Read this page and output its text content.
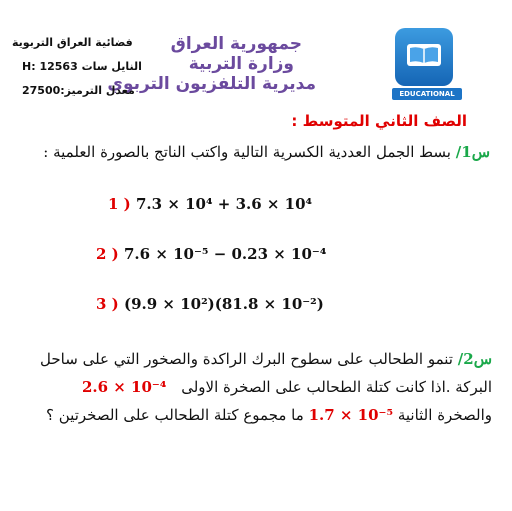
جمهورية العراق
وزارة التربية
مديرية التلفزيون التربوي
فضائية العراق التربوية
النايل سات 12563 :H
معدل الترميز:27500	EDUCATIONAL
الصف الثاني المتوسط :
س1/ بسط الجمل العددية الكسرية التالية واكتب الناتج بالصورة العلمية :
1 ) 7.3 × 10⁴ + 3.6 × 10⁴
2 ) 7.6 × 10⁻⁵ − 0.23 × 10⁻⁴
3 ) (9.9 × 10²)(81.8 × 10⁻²)
س2/ تنمو الطحالب على سطوح البرك الراكدة والصخور التي على ساحل
البركة .اذا كانت كتلة الطحالب على الصخرة الاولى 2.6 × 10⁻⁴
والصخرة الثانية 1.7 × 10⁻⁵ ما مجموع كتلة الطحالب على الصخرتين ؟
